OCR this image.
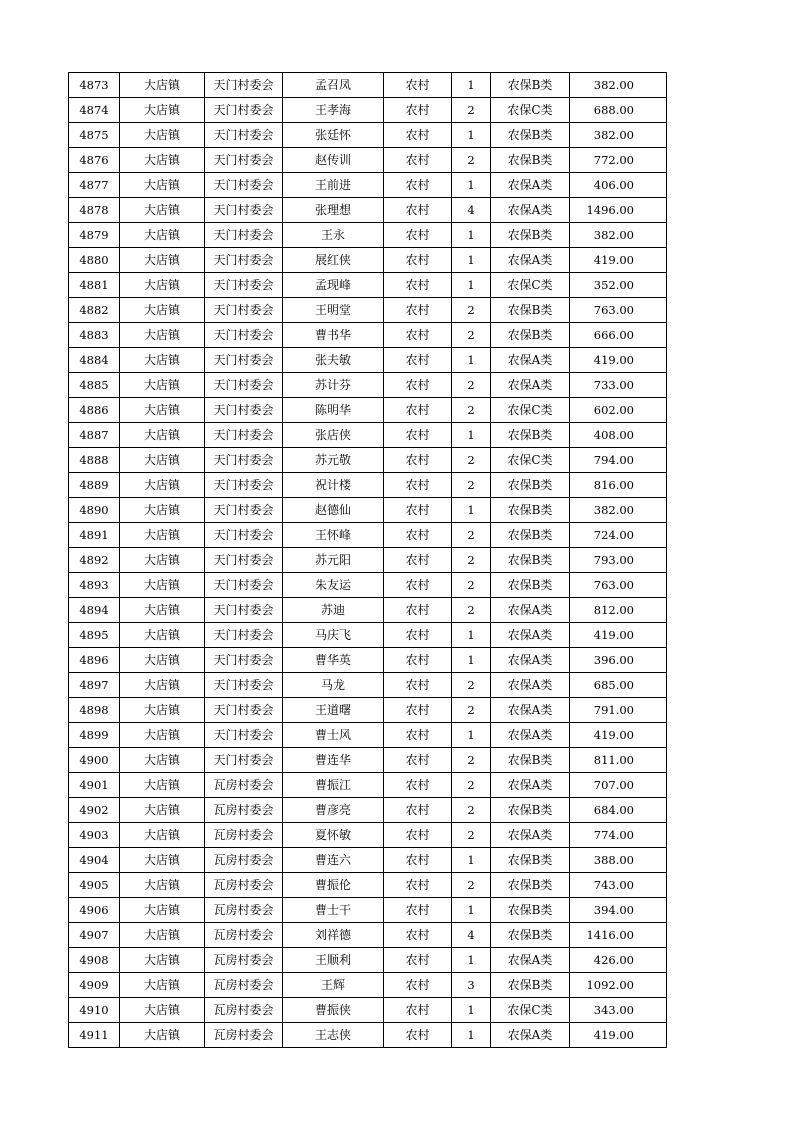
4873	大店镇	天门村委会	孟召凤	农村	1	农保B类	382.00
4874	大店镇	天门村委会	王孝海	农村	2	农保C类	688.00
4875	大店镇	天门村委会	张廷怀	农村	1	农保B类	382.00
4876	大店镇	天门村委会	赵传训	农村	2	农保B类	772.00
4877	大店镇	天门村委会	王前进	农村	1	农保A类	406.00
4878	大店镇	天门村委会	张理想	农村	4	农保A类	1496.00
4879	大店镇	天门村委会	王永	农村	1	农保B类	382.00
4880	大店镇	天门村委会	展红侠	农村	1	农保A类	419.00
4881	大店镇	天门村委会	孟现峰	农村	1	农保C类	352.00
4882	大店镇	天门村委会	王明堂	农村	2	农保B类	763.00
4883	大店镇	天门村委会	曹书华	农村	2	农保B类	666.00
4884	大店镇	天门村委会	张夫敏	农村	1	农保A类	419.00
4885	大店镇	天门村委会	苏计芬	农村	2	农保A类	733.00
4886	大店镇	天门村委会	陈明华	农村	2	农保C类	602.00
4887	大店镇	天门村委会	张店侠	农村	1	农保B类	408.00
4888	大店镇	天门村委会	苏元敬	农村	2	农保C类	794.00
4889	大店镇	天门村委会	祝计楼	农村	2	农保B类	816.00
4890	大店镇	天门村委会	赵德仙	农村	1	农保B类	382.00
4891	大店镇	天门村委会	王怀峰	农村	2	农保B类	724.00
4892	大店镇	天门村委会	苏元阳	农村	2	农保B类	793.00
4893	大店镇	天门村委会	朱友运	农村	2	农保B类	763.00
4894	大店镇	天门村委会	苏迪	农村	2	农保A类	812.00
4895	大店镇	天门村委会	马庆飞	农村	1	农保A类	419.00
4896	大店镇	天门村委会	曹华英	农村	1	农保A类	396.00
4897	大店镇	天门村委会	马龙	农村	2	农保A类	685.00
4898	大店镇	天门村委会	王道曙	农村	2	农保A类	791.00
4899	大店镇	天门村委会	曹士风	农村	1	农保A类	419.00
4900	大店镇	天门村委会	曹连华	农村	2	农保B类	811.00
4901	大店镇	瓦房村委会	曹振江	农村	2	农保A类	707.00
4902	大店镇	瓦房村委会	曹彦亮	农村	2	农保B类	684.00
4903	大店镇	瓦房村委会	夏怀敏	农村	2	农保A类	774.00
4904	大店镇	瓦房村委会	曹连六	农村	1	农保B类	388.00
4905	大店镇	瓦房村委会	曹振伦	农村	2	农保B类	743.00
4906	大店镇	瓦房村委会	曹士干	农村	1	农保B类	394.00
4907	大店镇	瓦房村委会	刘祥德	农村	4	农保B类	1416.00
4908	大店镇	瓦房村委会	王顺利	农村	1	农保A类	426.00
4909	大店镇	瓦房村委会	王辉	农村	3	农保B类	1092.00
4910	大店镇	瓦房村委会	曹振侠	农村	1	农保C类	343.00
4911	大店镇	瓦房村委会	王志侠	农村	1	农保A类	419.00
